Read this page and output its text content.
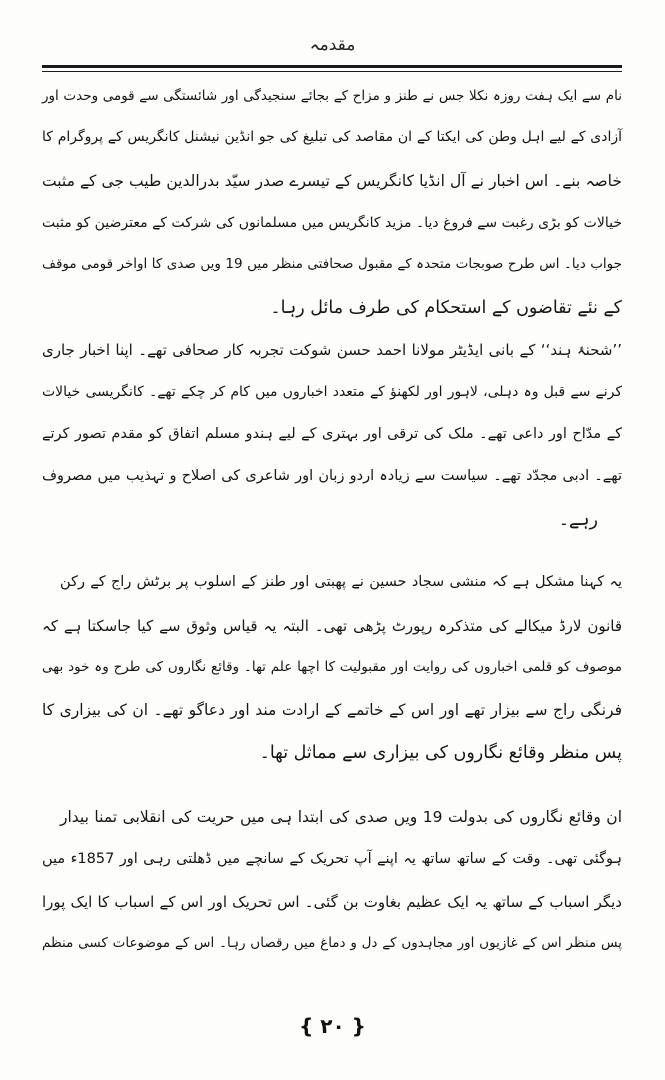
مقدمہ
نام سے ایک ہفت روزہ نکلا جس نے طنز و مزاح کے بجائے سنجیدگی اور شائستگی سے قومی وحدت اور
آزادی کے لیے اہل وطن کی ایکتا کے ان مقاصد کی تبلیغ کی جو انڈین نیشنل کانگریس کے پروگرام کا
خاصہ بنے۔ اس اخبار نے آل انڈیا کانگریس کے تیسرے صدر سیّد بدرالدین طیب جی کے مثبت
خیالات کو بڑی رغبت سے فروغ دیا۔ مزید کانگریس میں مسلمانوں کی شرکت کے معترضین کو مثبت
جواب دیا۔ اس طرح صوبجات متحدہ کے مقبول صحافتی منظر میں 19 ویں صدی کا اواخر قومی موقف
کے نئے تقاضوں کے استحکام کی طرف مائل رہا۔
’’شحنۂ ہند‘‘ کے بانی ایڈیٹر مولانا احمد حسن شوکت تجربہ کار صحافی تھے۔ اپنا اخبار جاری
کرنے سے قبل وہ دہلی، لاہور اور لکھنؤ کے متعدد اخباروں میں کام کر چکے تھے۔ کانگریسی خیالات
کے مدّاح اور داعی تھے۔ ملک کی ترقی اور بہتری کے لیے ہندو مسلم اتفاق کو مقدم تصور کرتے
تھے۔ ادبی مجدّد تھے۔ سیاست سے زیادہ اردو زبان اور شاعری کی اصلاح و تہذیب میں مصروف
رہے۔
یہ کہنا مشکل ہے کہ منشی سجاد حسین نے پھبتی اور طنز کے اسلوب پر برٹش راج کے رکن
قانون لارڈ میکالے کی متذکرہ رپورٹ پڑھی تھی۔ البتہ یہ قیاس وثوق سے کیا جاسکتا ہے کہ
موصوف کو قلمی اخباروں کی روایت اور مقبولیت کا اچھا علم تھا۔ وقائع نگاروں کی طرح وہ خود بھی
فرنگی راج سے بیزار تھے اور اس کے خاتمے کے ارادت مند اور دعاگو تھے۔ ان کی بیزاری کا
پس منظر وقائع نگاروں کی بیزاری سے مماثل تھا۔
ان وقائع نگاروں کی بدولت 19 ویں صدی کی ابتدا ہی میں حریت کی انقلابی تمنا بیدار
ہوگئی تھی۔ وقت کے ساتھ ساتھ یہ اپنے آپ تحریک کے سانچے میں ڈھلتی رہی اور 1857ء میں
دیگر اسباب کے ساتھ یہ ایک عظیم بغاوت بن گئی۔ اس تحریک اور اس کے اسباب کا ایک پورا
پس منظر اس کے غازیوں اور مجاہدوں کے دل و دماغ میں رقصاں رہا۔ اس کے موضوعات کسی منظم
{ ۲۰ }
